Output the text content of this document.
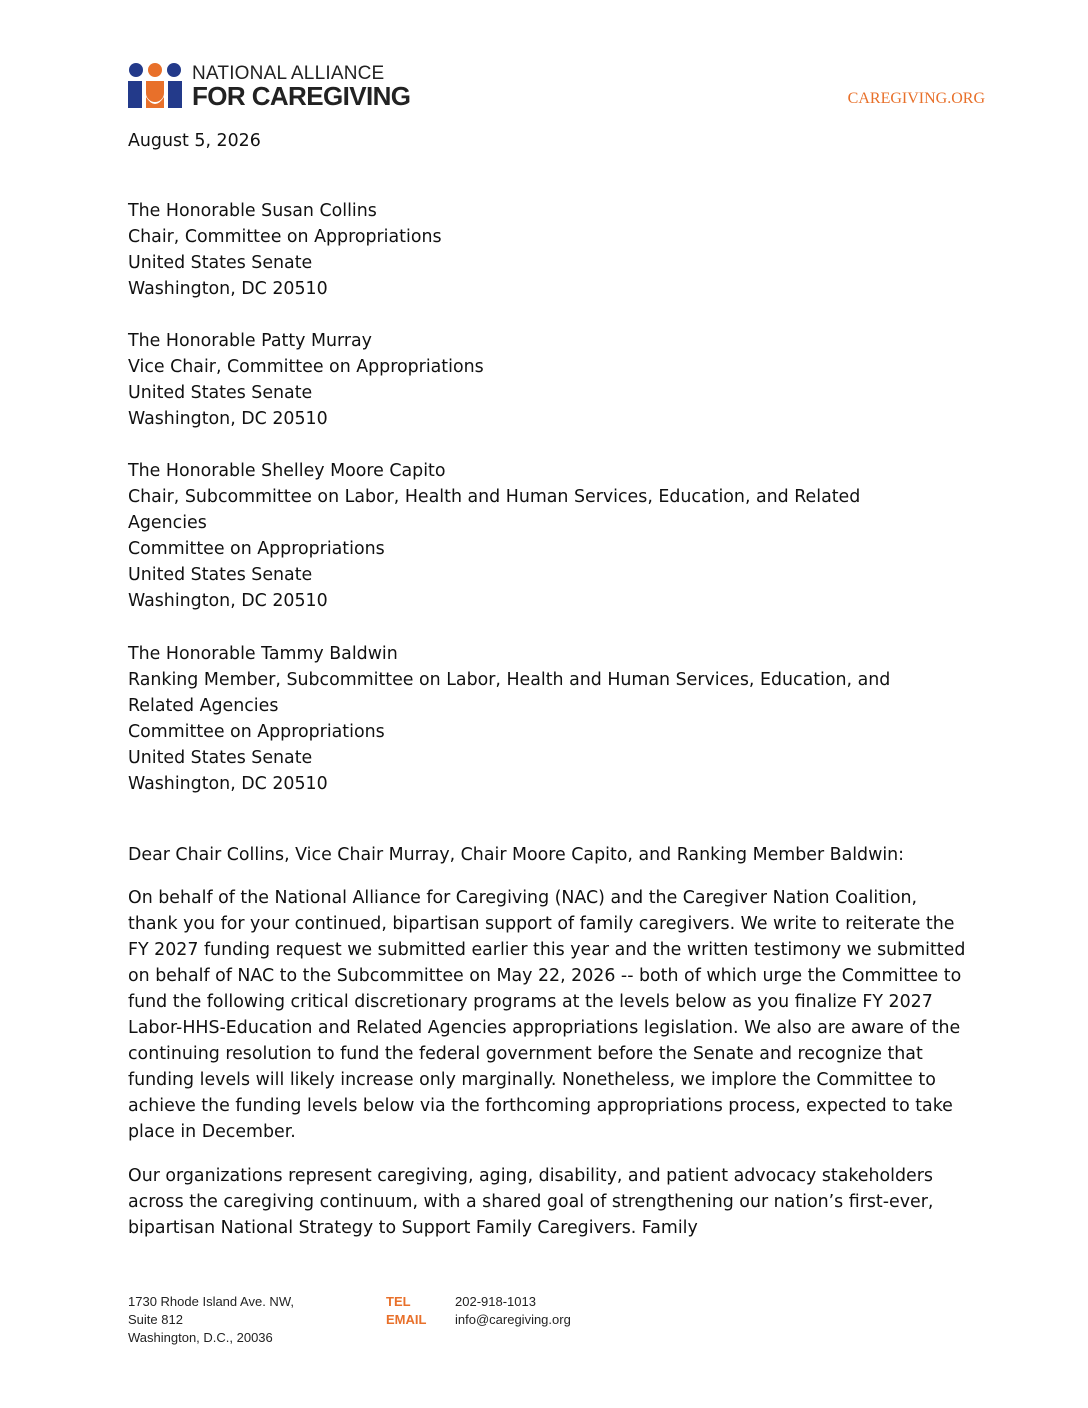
NATIONAL ALLIANCE
FOR CAREGIVING	CAREGIVING.ORG
August 5, 2026
The Honorable Susan Collins
Chair, Committee on Appropriations
United States Senate
Washington, DC 20510
The Honorable Patty Murray
Vice Chair, Committee on Appropriations
United States Senate
Washington, DC 20510
The Honorable Shelley Moore Capito
Chair, Subcommittee on Labor, Health and Human Services, Education, and Related
Agencies
Committee on Appropriations
United States Senate
Washington, DC 20510
The Honorable Tammy Baldwin
Ranking Member, Subcommittee on Labor, Health and Human Services, Education, and
Related Agencies
Committee on Appropriations
United States Senate
Washington, DC 20510
Dear Chair Collins, Vice Chair Murray, Chair Moore Capito, and Ranking Member Baldwin:

On behalf of the National Alliance for Caregiving (NAC) and the Caregiver Nation Coalition, thank you for your continued, bipartisan support of family caregivers. We write to reiterate the FY 2027 funding request we submitted earlier this year and the written testimony we submitted on behalf of NAC to the Subcommittee on May 22, 2026 -- both of which urge the Committee to fund the following critical discretionary programs at the levels below as you finalize FY 2027 Labor-HHS-Education and Related Agencies appropriations legislation. We also are aware of the continuing resolution to fund the federal government before the Senate and recognize that funding levels will likely increase only marginally. Nonetheless, we implore the Committee to achieve the funding levels below via the forthcoming appropriations process, expected to take place in December.

Our organizations represent caregiving, aging, disability, and patient advocacy stakeholders across the caregiving continuum, with a shared goal of strengthening our nation’s first-ever, bipartisan National Strategy to Support Family Caregivers. Family

1730 Rhode Island Ave. NW,
Suite 812
Washington, D.C., 20036
TEL
EMAIL
202-918-1013
info@caregiving.org
